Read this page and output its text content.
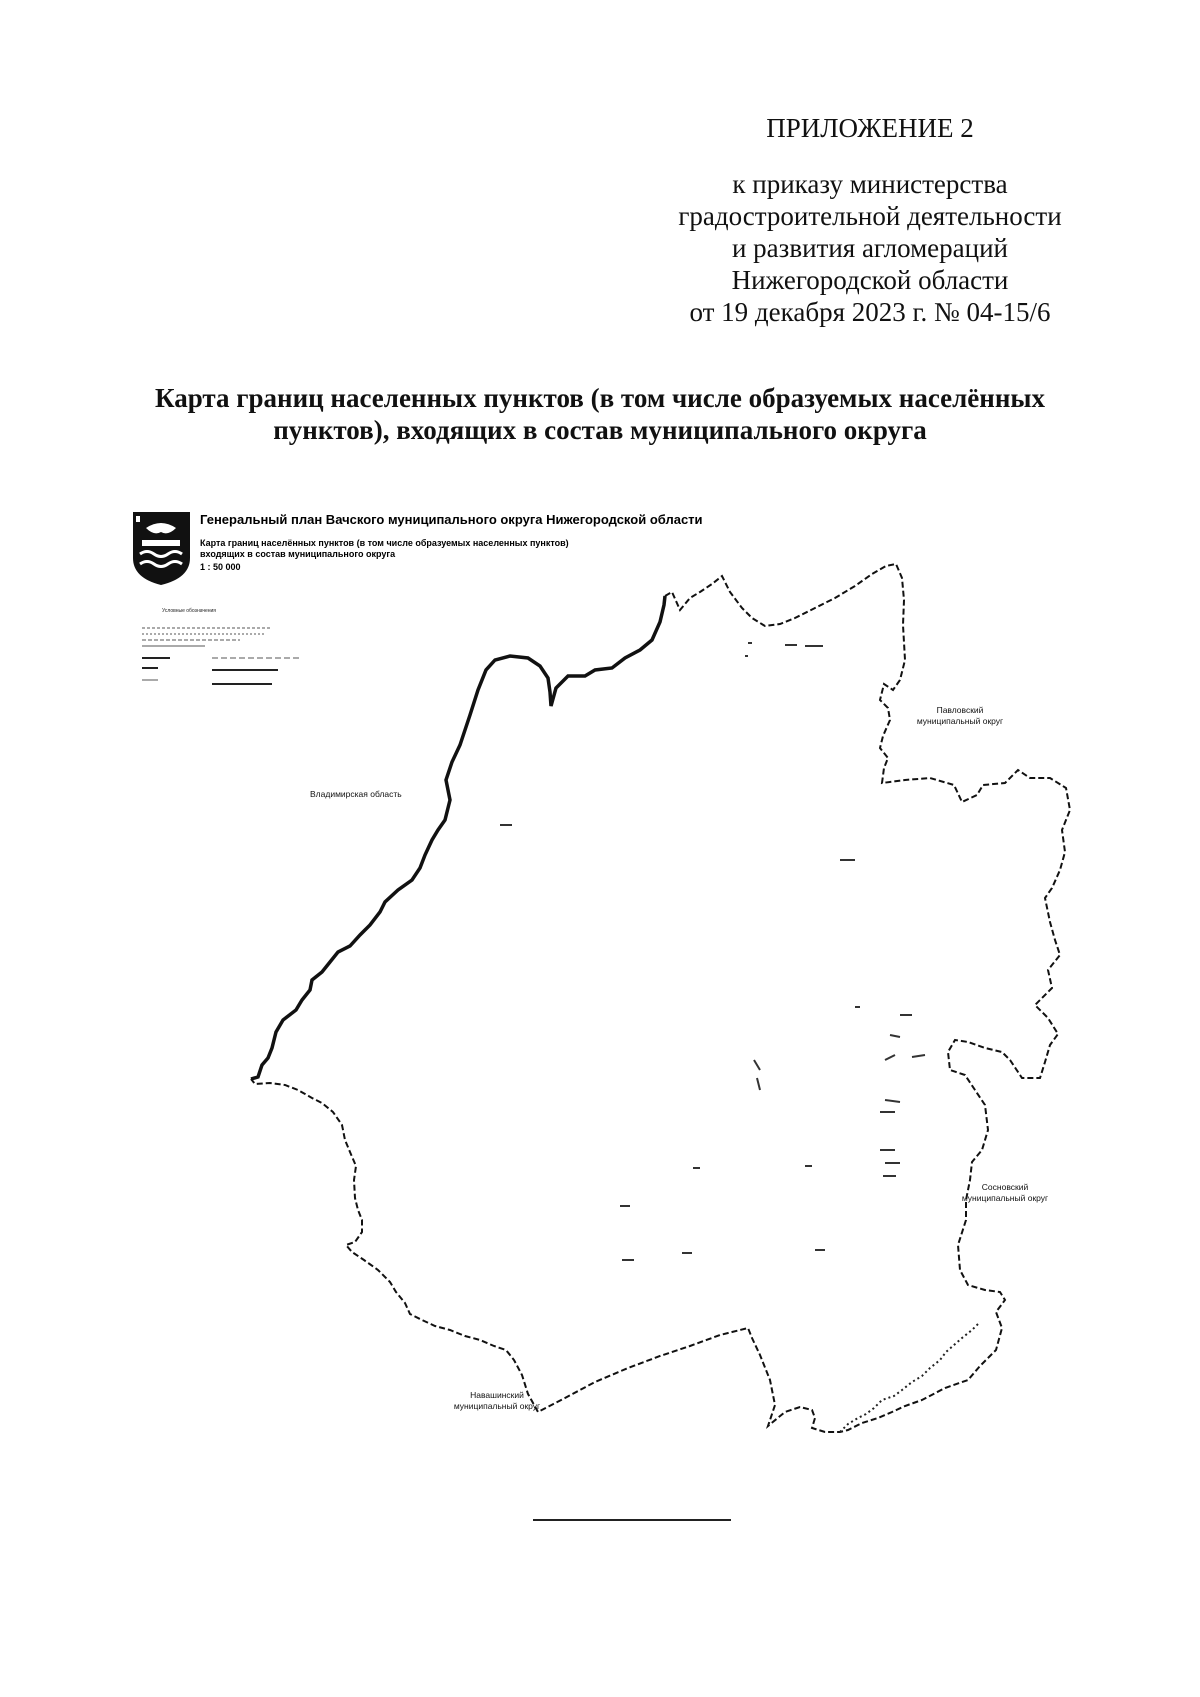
ПРИЛОЖЕНИЕ 2
к приказу министерства
градостроительной деятельности
и развития агломераций
Нижегородской области
от 19 декабря 2023 г. № 04-15/6
Карта границ населенных пунктов (в том числе образуемых населённых
пунктов), входящих в состав муниципального округа
Генеральный план Вачского муниципального округа Нижегородской области
Карта границ населённых пунктов (в том числе образуемых населенных пунктов)
входящих в состав муниципального округа
1 : 50 000
Условные обозначения
Владимирская область
Павловский
муниципальный округ
Сосновский
муниципальный округ
Навашинский
муниципальный округ
